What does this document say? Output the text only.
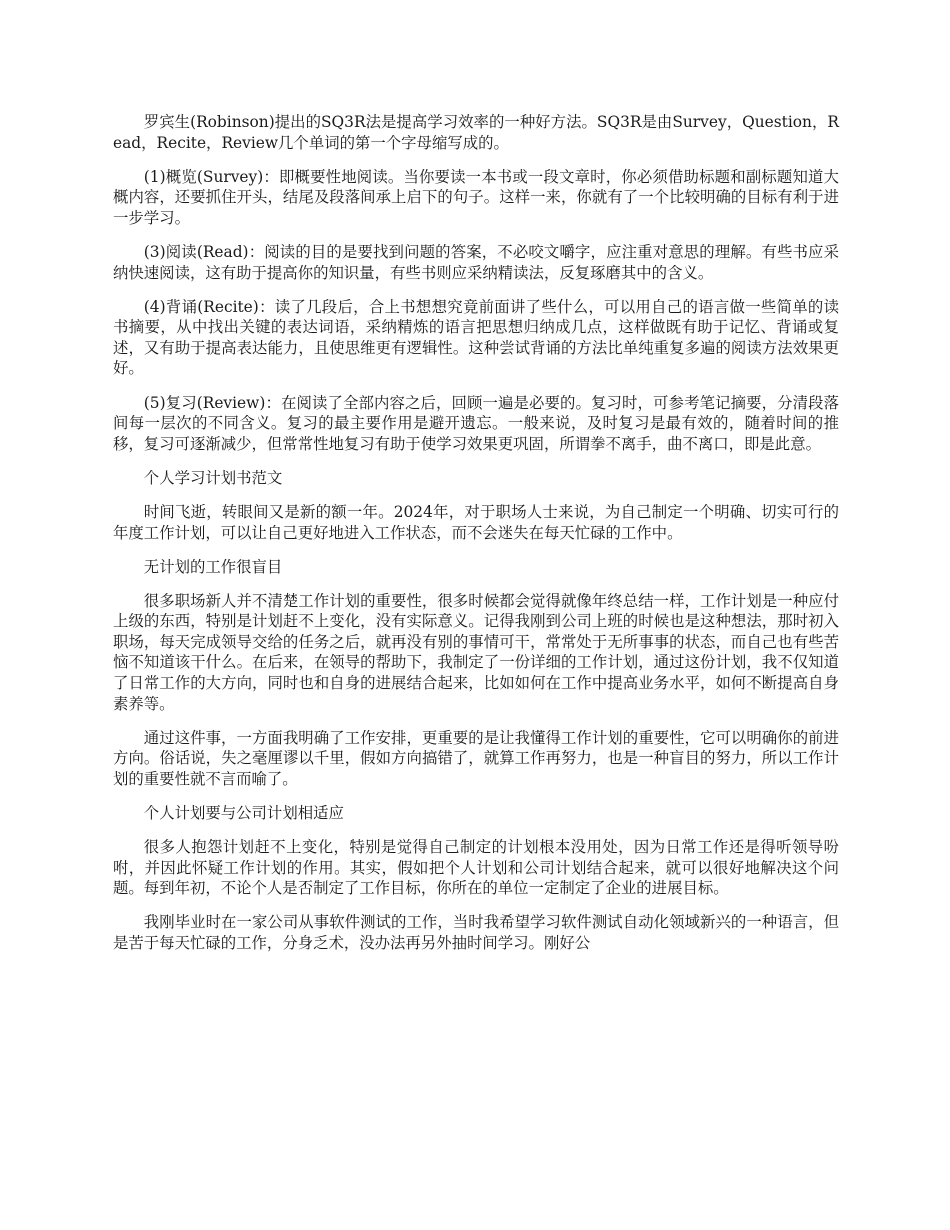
罗宾生(Robinson)提出的SQ3R法是提高学习效率的一种好方法。SQ3R是由Survey，Question，Read，Recite，Review几个单词的第一个字母缩写成的。

(1)概览(Survey)：即概要性地阅读。当你要读一本书或一段文章时，你必须借助标题和副标题知道大概内容，还要抓住开头，结尾及段落间承上启下的句子。这样一来，你就有了一个比较明确的目标有利于进一步学习。

(3)阅读(Read)：阅读的目的是要找到问题的答案，不必咬文嚼字，应注重对意思的理解。有些书应采纳快速阅读，这有助于提高你的知识量，有些书则应采纳精读法，反复琢磨其中的含义。

(4)背诵(Recite)：读了几段后，合上书想想究竟前面讲了些什么，可以用自己的语言做一些简单的读书摘要，从中找出关键的表达词语，采纳精炼的语言把思想归纳成几点，这样做既有助于记忆、背诵或复述，又有助于提高表达能力，且使思维更有逻辑性。这种尝试背诵的方法比单纯重复多遍的阅读方法效果更好。

(5)复习(Review)：在阅读了全部内容之后，回顾一遍是必要的。复习时，可参考笔记摘要，分清段落间每一层次的不同含义。复习的最主要作用是避开遗忘。一般来说，及时复习是最有效的，随着时间的推移，复习可逐渐减少，但常常性地复习有助于使学习效果更巩固，所谓拳不离手，曲不离口，即是此意。

个人学习计划书范文

时间飞逝，转眼间又是新的额一年。2024年，对于职场人士来说，为自己制定一个明确、切实可行的年度工作计划，可以让自己更好地进入工作状态，而不会迷失在每天忙碌的工作中。

无计划的工作很盲目

很多职场新人并不清楚工作计划的重要性，很多时候都会觉得就像年终总结一样，工作计划是一种应付上级的东西，特别是计划赶不上变化，没有实际意义。记得我刚到公司上班的时候也是这种想法，那时初入职场，每天完成领导交给的任务之后，就再没有别的事情可干，常常处于无所事事的状态，而自己也有些苦恼不知道该干什么。在后来，在领导的帮助下，我制定了一份详细的工作计划，通过这份计划，我不仅知道了日常工作的大方向，同时也和自身的进展结合起来，比如如何在工作中提高业务水平，如何不断提高自身素养等。

通过这件事，一方面我明确了工作安排，更重要的是让我懂得工作计划的重要性，它可以明确你的前进方向。俗话说，失之毫厘谬以千里，假如方向搞错了，就算工作再努力，也是一种盲目的努力，所以工作计划的重要性就不言而喻了。

个人计划要与公司计划相适应

很多人抱怨计划赶不上变化，特别是觉得自己制定的计划根本没用处，因为日常工作还是得听领导吩咐，并因此怀疑工作计划的作用。其实，假如把个人计划和公司计划结合起来，就可以很好地解决这个问题。每到年初，不论个人是否制定了工作目标，你所在的单位一定制定了企业的进展目标。

我刚毕业时在一家公司从事软件测试的工作，当时我希望学习软件测试自动化领域新兴的一种语言，但是苦于每天忙碌的工作，分身乏术，没办法再另外抽时间学习。刚好公
